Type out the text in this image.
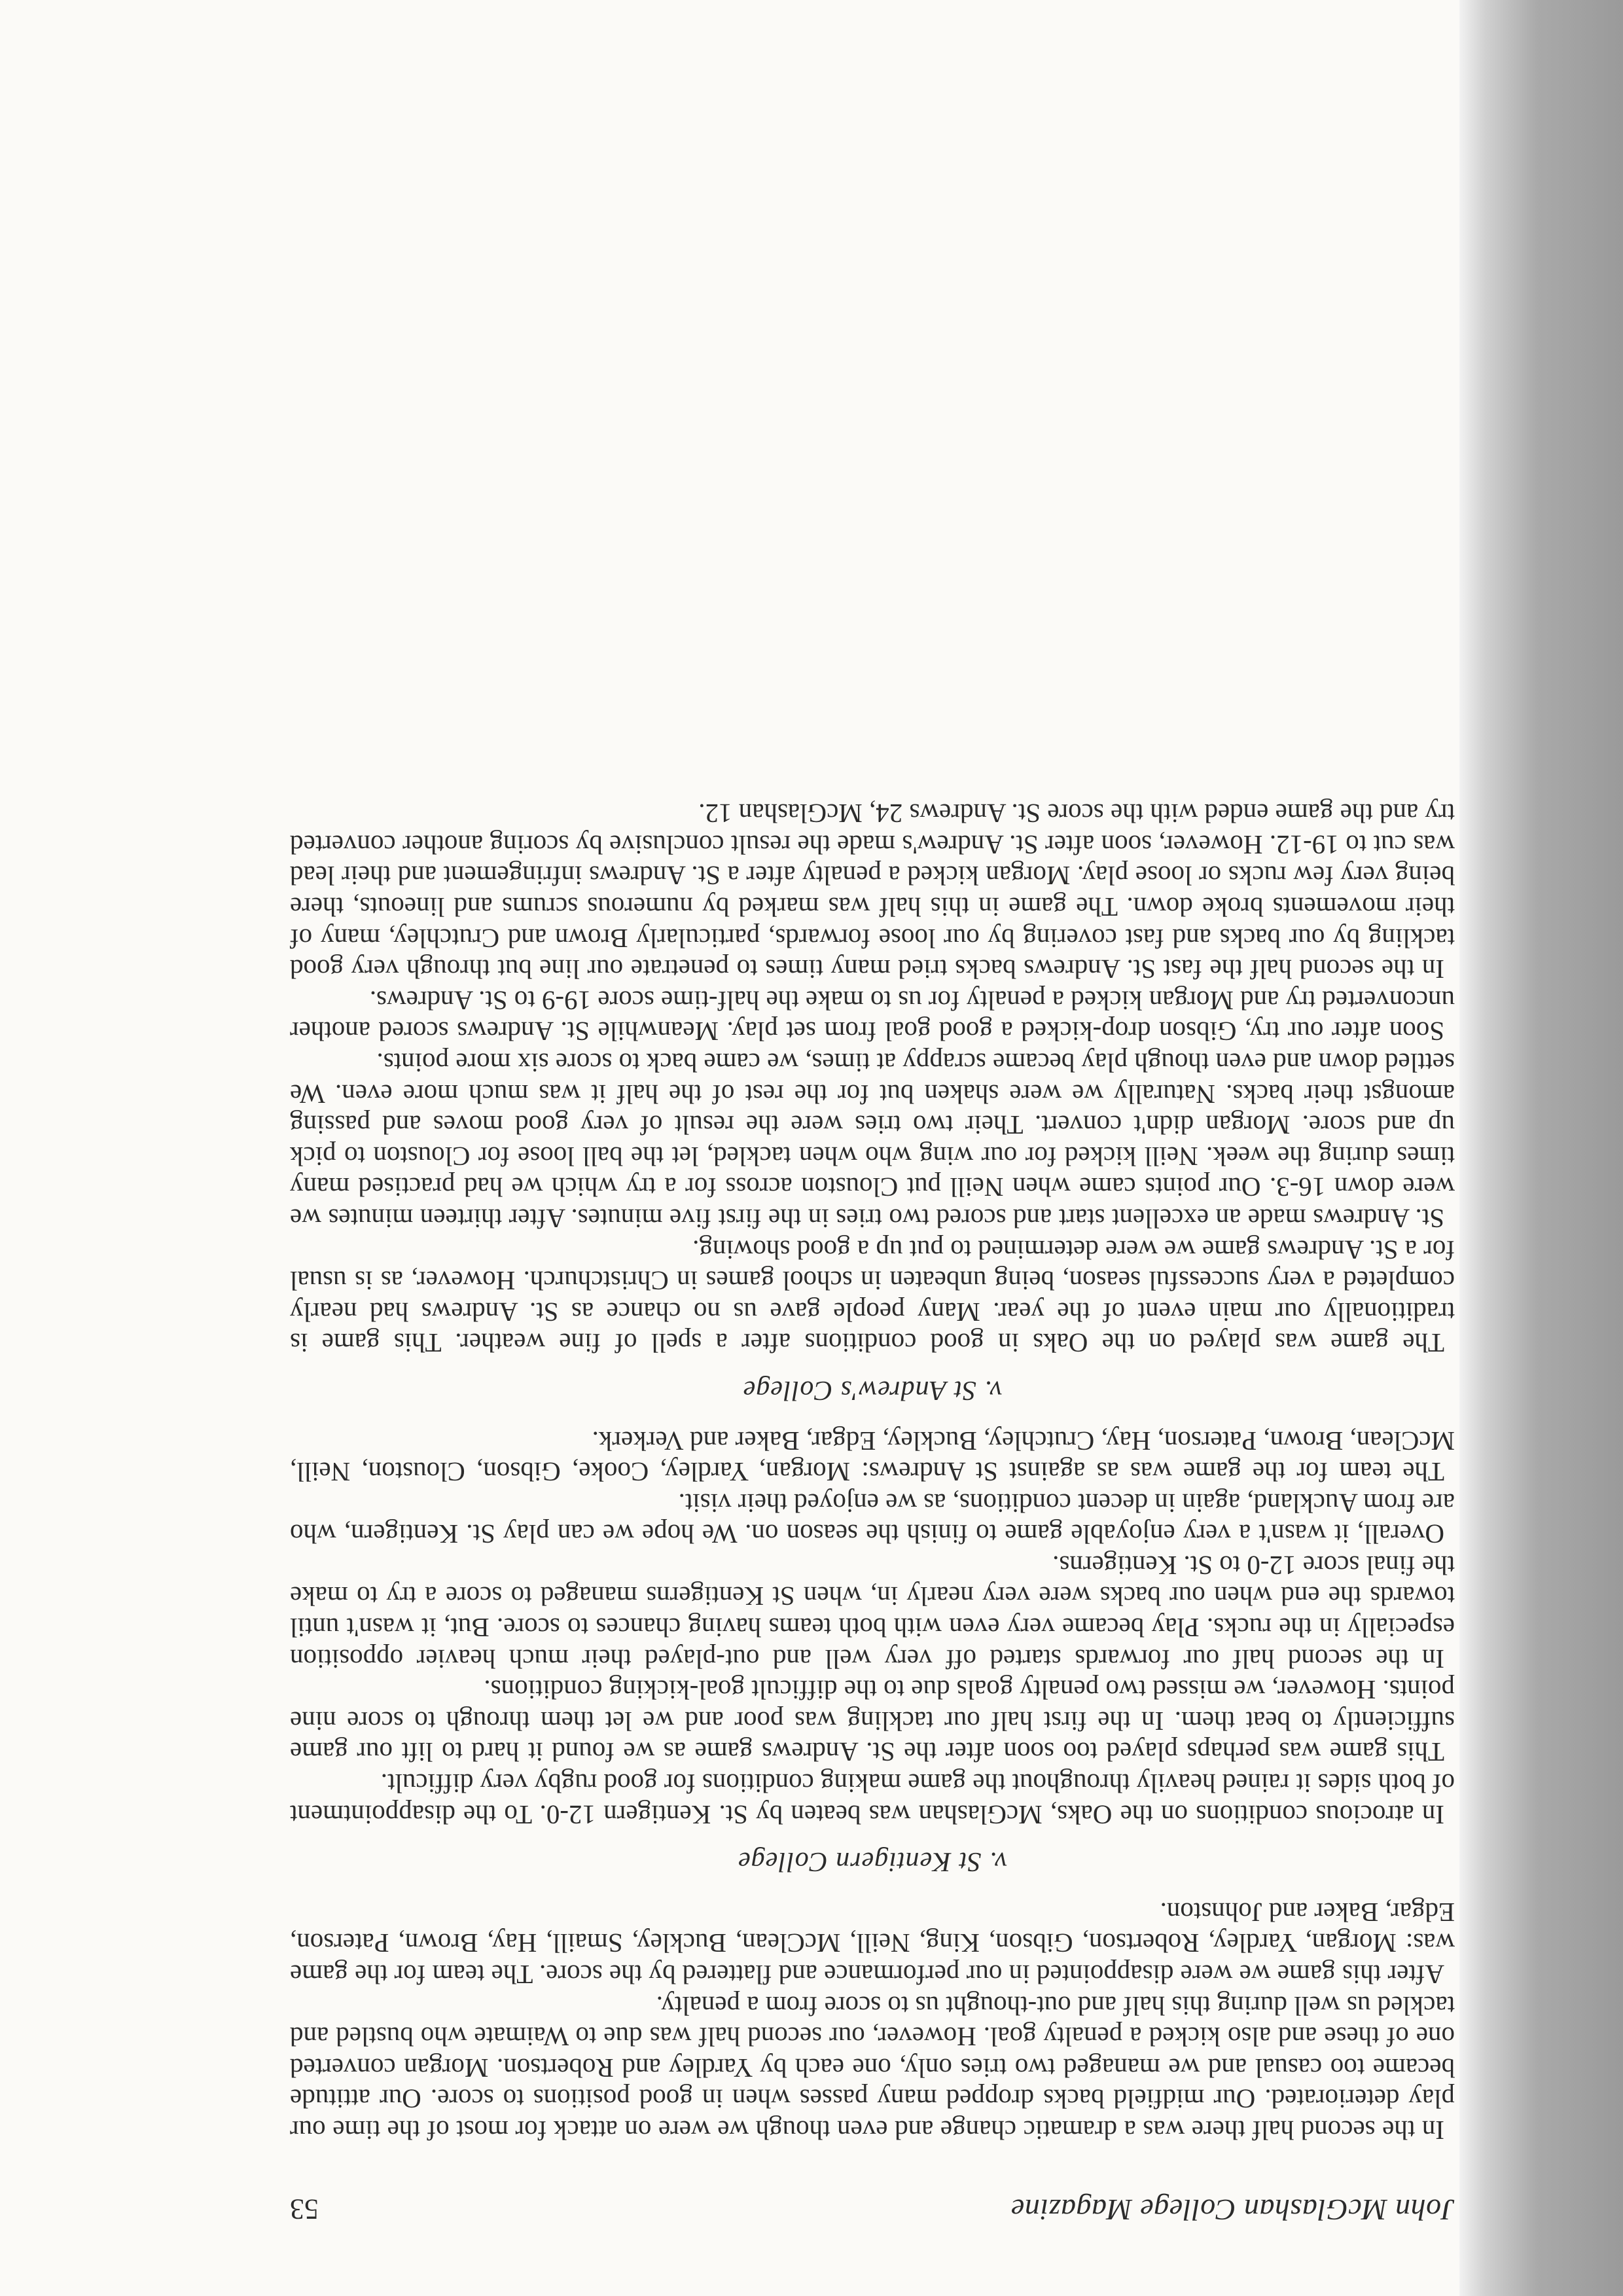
John McGlashan College Magazine
53

In the second half there was a dramatic change and even though we were on attack for most of the time our play deteriorated. Our midfield backs dropped many passes when in good positions to score. Our attitude became too casual and we managed two tries only, one each by Yardley and Robertson. Morgan converted one of these and also kicked a penalty goal. However, our second half was due to Waimate who bustled and tackled us well during this half and out-thought us to score from a penalty.

After this game we were disappointed in our performance and flattered by the score. The team for the game was: Morgan, Yardley, Robertson, Gibson, King, Neill, McClean, Buckley, Smaill, Hay, Brown, Paterson, Edgar, Baker and Johnston.

v. St Kentigern College

In atrocious conditions on the Oaks, McGlashan was beaten by St. Kentigern 12-0. To the disappointment of both sides it rained heavily throughout the game making conditions for good rugby very difficult.

This game was perhaps played too soon after the St. Andrews game as we found it hard to lift our game sufficiently to beat them. In the first half our tackling was poor and we let them through to score nine points. However, we missed two penalty goals due to the difficult goal-kicking conditions.

In the second half our forwards started off very well and out-played their much heavier opposition especially in the rucks. Play became very even with both teams having chances to score. But, it wasn't until towards the end when our backs were very nearly in, when St Kentigerns managed to score a try to make the final score 12-0 to St. Kentigerns.

Overall, it wasn't a very enjoyable game to finish the season on. We hope we can play St. Kentigern, who are from Auckland, again in decent conditions, as we enjoyed their visit.

The team for the game was as against St Andrews: Morgan, Yardley, Cooke, Gibson, Clouston, Neill, McClean, Brown, Paterson, Hay, Crutchley, Buckley, Edgar, Baker and Verkerk.

v. St Andrew's College

The game was played on the Oaks in good conditions after a spell of fine weather. This game is traditionally our main event of the year. Many people gave us no chance as St. Andrews had nearly completed a very successful season, being unbeaten in school games in Christchurch. However, as is usual for a St. Andrews game we were determined to put up a good showing.

St. Andrews made an excellent start and scored two tries in the first five minutes. After thirteen minutes we were down 16-3. Our points came when Neill put Clouston across for a try which we had practised many times during the week. Neill kicked for our wing who when tackled, let the ball loose for Clouston to pick up and score. Morgan didn't convert. Their two tries were the result of very good moves and passing amongst their backs. Naturally we were shaken but for the rest of the half it was much more even. We settled down and even though play became scrappy at times, we came back to score six more points.

Soon after our try, Gibson drop-kicked a good goal from set play. Meanwhile St. Andrews scored another unconverted try and Morgan kicked a penalty for us to make the half-time score 19-9 to St. Andrews.

In the second half the fast St. Andrews backs tried many times to penetrate our line but through very good tackling by our backs and fast covering by our loose forwards, particularly Brown and Crutchley, many of their movements broke down. The game in this half was marked by numerous scrums and lineouts, there being very few rucks or loose play. Morgan kicked a penalty after a St. Andrews infringement and their lead was cut to 19-12. However, soon after St. Andrew's made the result conclusive by scoring another converted try and the game ended with the score St. Andrews 24, McGlashan 12.
